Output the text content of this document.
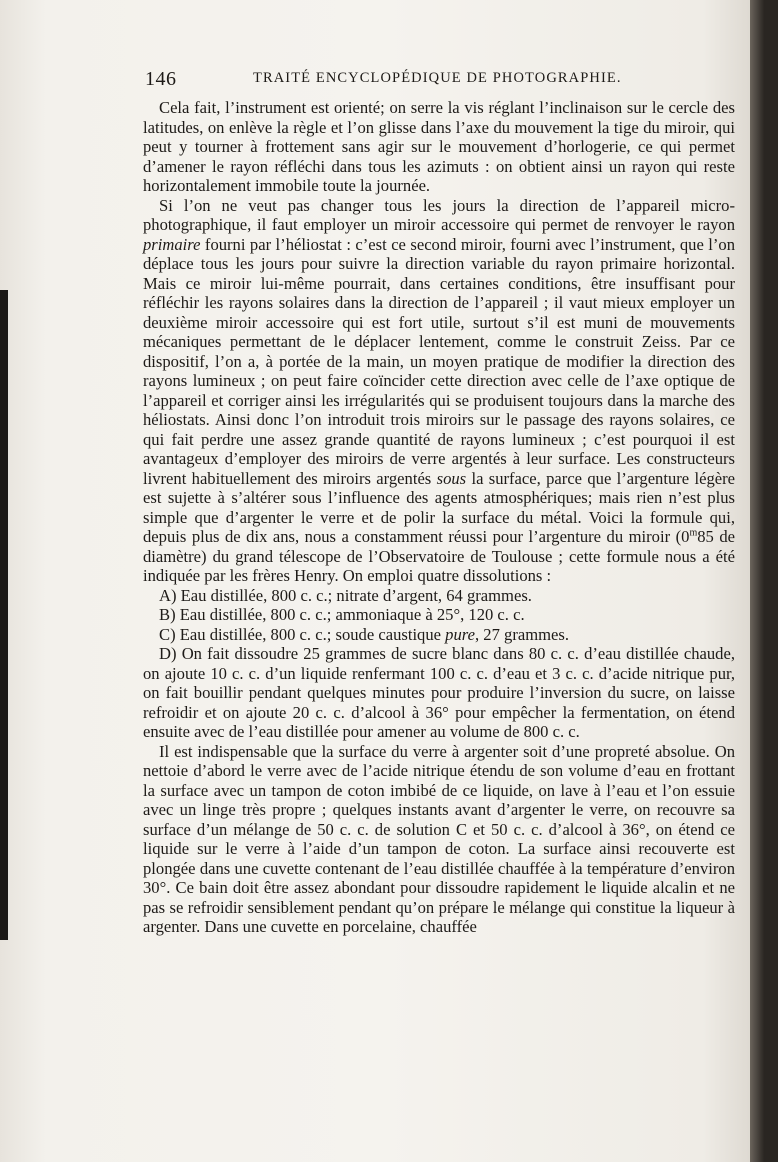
146	TRAITÉ ENCYCLOPÉDIQUE DE PHOTOGRAPHIE.

Cela fait, l’instrument est orienté; on serre la vis réglant l’inclinaison sur le cercle des latitudes, on enlève la règle et l’on glisse dans l’axe du mouvement la tige du miroir, qui peut y tourner à frottement sans agir sur le mouvement d’horlogerie, ce qui permet d’amener le rayon réfléchi dans tous les azimuts : on obtient ainsi un rayon qui reste horizontalement immobile toute la journée.

Si l’on ne veut pas changer tous les jours la direction de l’appareil micro-photographique, il faut employer un miroir accessoire qui permet de renvoyer le rayon primaire fourni par l’héliostat : c’est ce second miroir, fourni avec l’instrument, que l’on déplace tous les jours pour suivre la direction variable du rayon primaire horizontal. Mais ce miroir lui-même pourrait, dans certaines conditions, être insuffisant pour réfléchir les rayons solaires dans la direction de l’appareil ; il vaut mieux employer un deuxième miroir accessoire qui est fort utile, surtout s’il est muni de mouvements mécaniques permettant de le déplacer lentement, comme le construit Zeiss. Par ce dispositif, l’on a, à portée de la main, un moyen pratique de modifier la direction des rayons lumineux ; on peut faire coïncider cette direction avec celle de l’axe optique de l’appareil et corriger ainsi les irrégularités qui se produisent toujours dans la marche des héliostats. Ainsi donc l’on introduit trois miroirs sur le passage des rayons solaires, ce qui fait perdre une assez grande quantité de rayons lumineux ; c’est pourquoi il est avantageux d’employer des miroirs de verre argentés à leur surface. Les constructeurs livrent habituellement des miroirs argentés sous la surface, parce que l’argenture légère est sujette à s’altérer sous l’influence des agents atmosphériques; mais rien n’est plus simple que d’argenter le verre et de polir la surface du métal. Voici la formule qui, depuis plus de dix ans, nous a constamment réussi pour l’argenture du miroir (0$^m$85 de diamètre) du grand télescope de l’Observatoire de Toulouse ; cette formule nous a été indiquée par les frères Henry. On emploi quatre dissolutions :

A) Eau distillée, 800 c. c.; nitrate d’argent, 64 grammes.

B) Eau distillée, 800 c. c.; ammoniaque à 25°, 120 c. c.

C) Eau distillée, 800 c. c.; soude caustique pure, 27 grammes.

D) On fait dissoudre 25 grammes de sucre blanc dans 80 c. c. d’eau distillée chaude, on ajoute 10 c. c. d’un liquide renfermant 100 c. c. d’eau et 3 c. c. d’acide nitrique pur, on fait bouillir pendant quelques minutes pour produire l’inversion du sucre, on laisse refroidir et on ajoute 20 c. c. d’alcool à 36° pour empêcher la fermentation, on étend ensuite avec de l’eau distillée pour amener au volume de 800 c. c.

Il est indispensable que la surface du verre à argenter soit d’une propreté absolue. On nettoie d’abord le verre avec de l’acide nitrique étendu de son volume d’eau en frottant la surface avec un tampon de coton imbibé de ce liquide, on lave à l’eau et l’on essuie avec un linge très propre ; quelques instants avant d’argenter le verre, on recouvre sa surface d’un mélange de 50 c. c. de solution C et 50 c. c. d’alcool à 36°, on étend ce liquide sur le verre à l’aide d’un tampon de coton. La surface ainsi recouverte est plongée dans une cuvette contenant de l’eau distillée chauffée à la température d’environ 30°. Ce bain doit être assez abondant pour dissoudre rapidement le liquide alcalin et ne pas se refroidir sensiblement pendant qu’on prépare le mélange qui constitue la liqueur à argenter. Dans une cuvette en porcelaine, chauffée
